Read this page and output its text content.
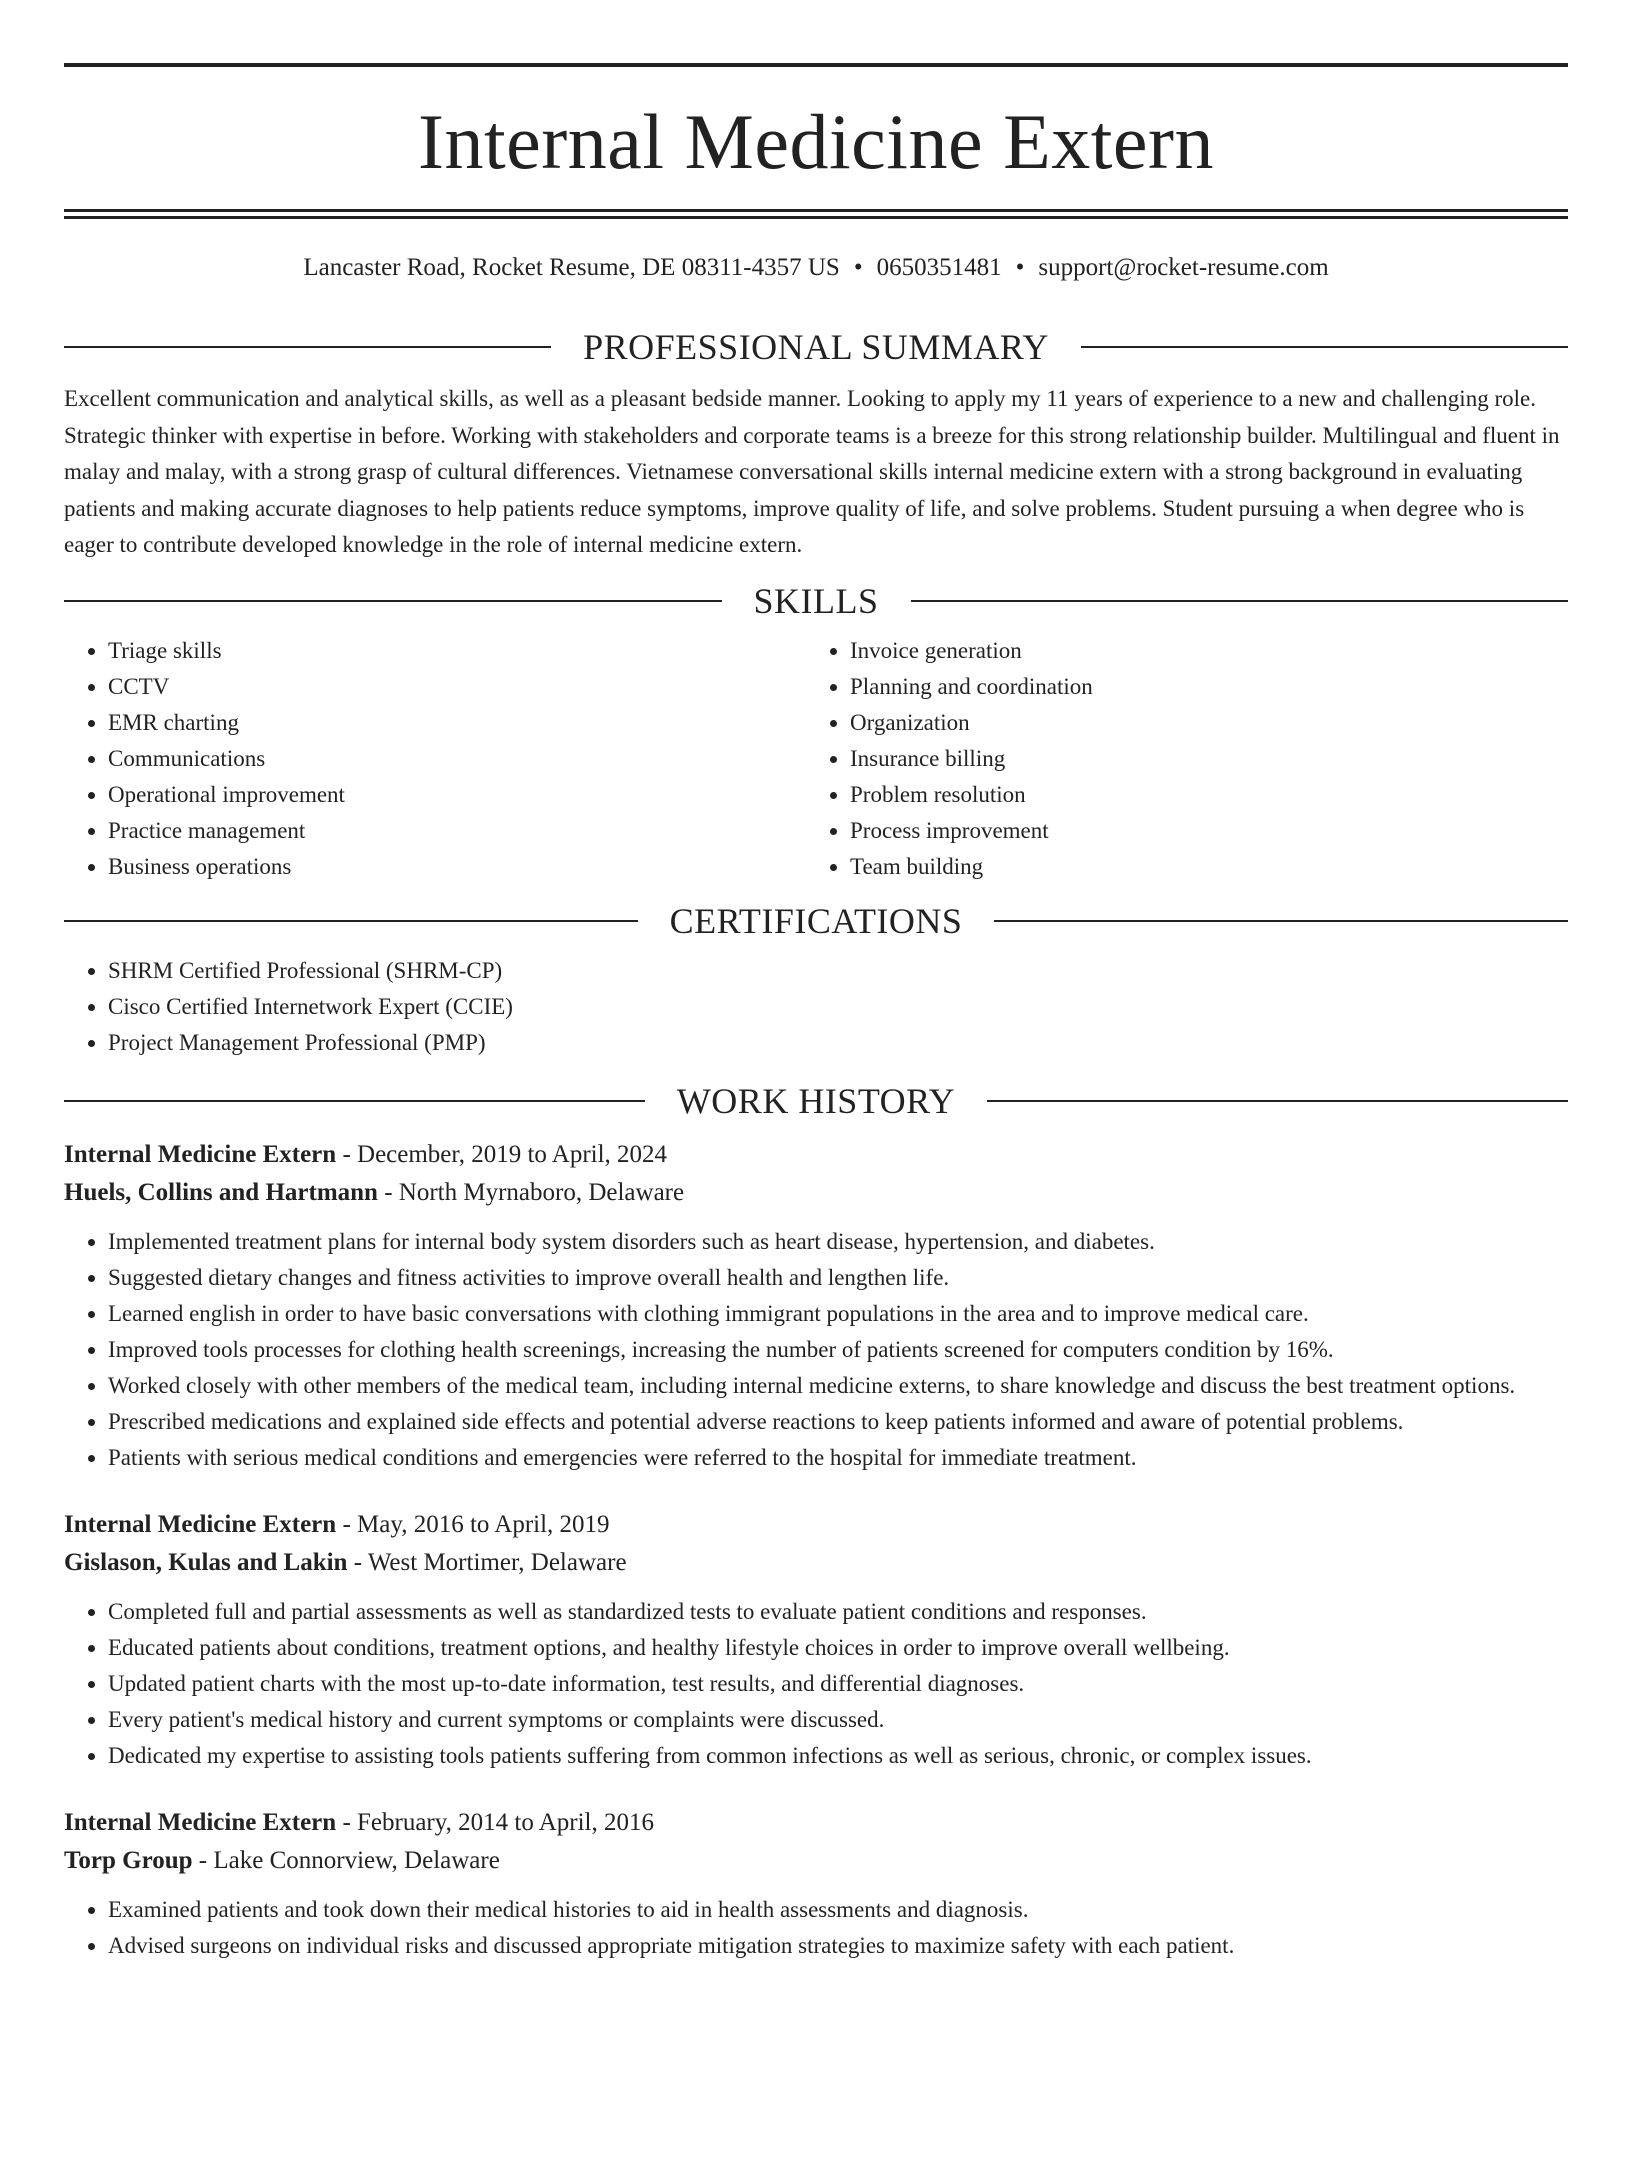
Internal Medicine Extern
Lancaster Road, Rocket Resume, DE 08311-4357 US • 0650351481 • support@rocket-resume.com
PROFESSIONAL SUMMARY
Excellent communication and analytical skills, as well as a pleasant bedside manner. Looking to apply my 11 years of experience to a new and challenging role. Strategic thinker with expertise in before. Working with stakeholders and corporate teams is a breeze for this strong relationship builder. Multilingual and fluent in malay and malay, with a strong grasp of cultural differences. Vietnamese conversational skills internal medicine extern with a strong background in evaluating patients and making accurate diagnoses to help patients reduce symptoms, improve quality of life, and solve problems. Student pursuing a when degree who is eager to contribute developed knowledge in the role of internal medicine extern.
SKILLS
• Triage skills
• CCTV
• EMR charting
• Communications
• Operational improvement
• Practice management
• Business operations
• Invoice generation
• Planning and coordination
• Organization
• Insurance billing
• Problem resolution
• Process improvement
• Team building
CERTIFICATIONS
• SHRM Certified Professional (SHRM-CP)
• Cisco Certified Internetwork Expert (CCIE)
• Project Management Professional (PMP)
WORK HISTORY
Internal Medicine Extern - December, 2019 to April, 2024
Huels, Collins and Hartmann - North Myrnaboro, Delaware
• Implemented treatment plans for internal body system disorders such as heart disease, hypertension, and diabetes.
• Suggested dietary changes and fitness activities to improve overall health and lengthen life.
• Learned english in order to have basic conversations with clothing immigrant populations in the area and to improve medical care.
• Improved tools processes for clothing health screenings, increasing the number of patients screened for computers condition by 16%.
• Worked closely with other members of the medical team, including internal medicine externs, to share knowledge and discuss the best treatment options.
• Prescribed medications and explained side effects and potential adverse reactions to keep patients informed and aware of potential problems.
• Patients with serious medical conditions and emergencies were referred to the hospital for immediate treatment.
Internal Medicine Extern - May, 2016 to April, 2019
Gislason, Kulas and Lakin - West Mortimer, Delaware
• Completed full and partial assessments as well as standardized tests to evaluate patient conditions and responses.
• Educated patients about conditions, treatment options, and healthy lifestyle choices in order to improve overall wellbeing.
• Updated patient charts with the most up-to-date information, test results, and differential diagnoses.
• Every patient's medical history and current symptoms or complaints were discussed.
• Dedicated my expertise to assisting tools patients suffering from common infections as well as serious, chronic, or complex issues.
Internal Medicine Extern - February, 2014 to April, 2016
Torp Group - Lake Connorview, Delaware
• Examined patients and took down their medical histories to aid in health assessments and diagnosis.
• Advised surgeons on individual risks and discussed appropriate mitigation strategies to maximize safety with each patient.
